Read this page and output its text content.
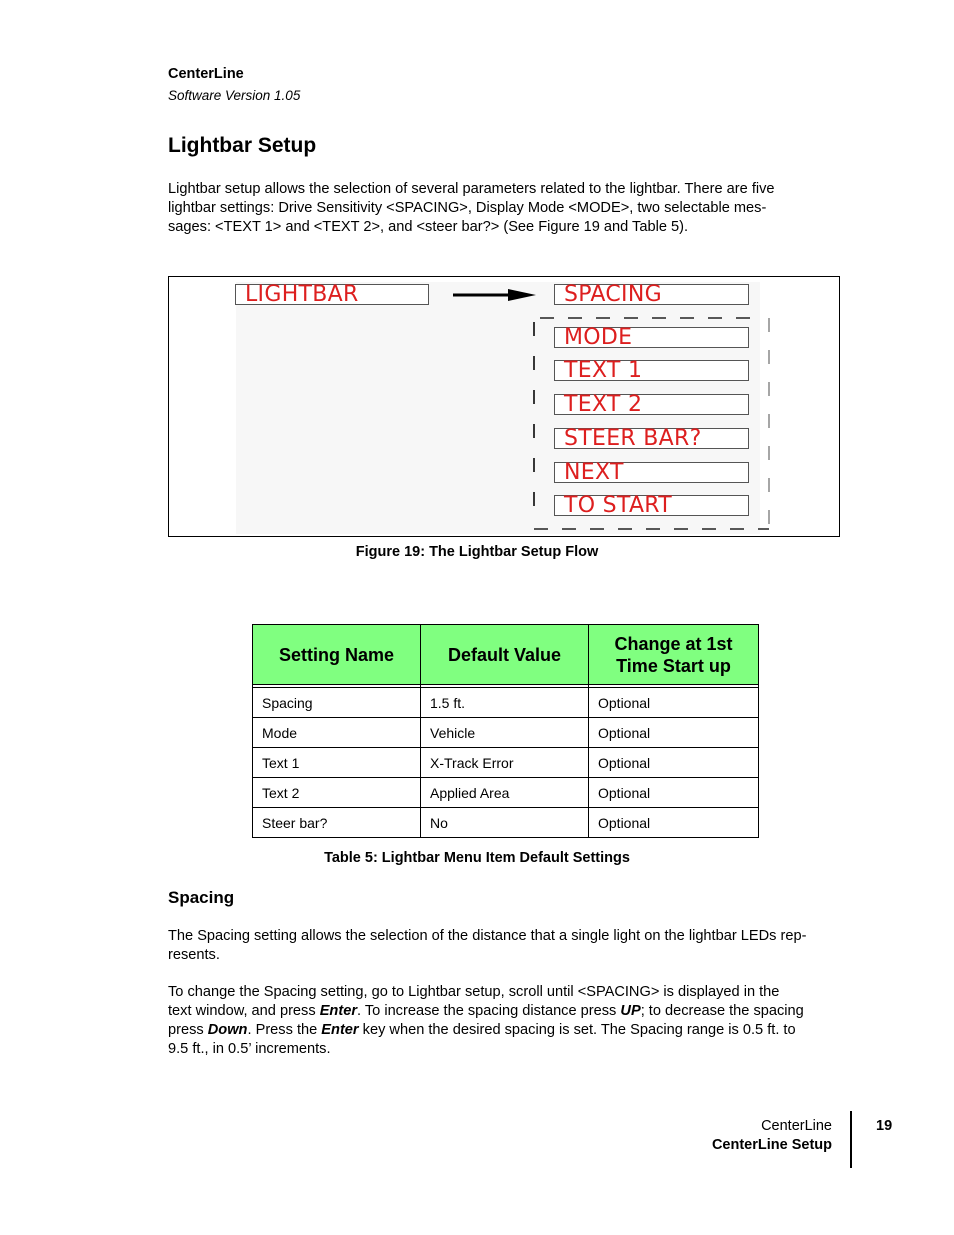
CenterLine
Software Version 1.05
Lightbar Setup

Lightbar setup allows the selection of several parameters related to the lightbar. There are five

lightbar settings: Drive Sensitivity <SPACING>, Display Mode <MODE>, two selectable mes-

sages: <TEXT 1> and <TEXT 2>, and <steer bar?> (See Figure 19 and Table 5).

LIGHTBAR	SPACING
MODE
TEXT 1
TEXT 2
STEER BAR?
NEXT
TO START
Figure 19: The Lightbar Setup Flow
Setting Name	Default Value	Change at 1st Time Start up

Spacing	1.5 ft.	Optional
Mode	Vehicle	Optional
Text 1	X-Track Error	Optional
Text 2	Applied Area	Optional
Steer bar?	No	Optional
Table 5: Lightbar Menu Item Default Settings
Spacing

The Spacing setting allows the selection of the distance that a single light on the lightbar LEDs rep-

resents.

To change the Spacing setting, go to Lightbar setup, scroll until <SPACING> is displayed in the

text window, and press Enter. To increase the spacing distance press UP; to decrease the spacing

press Down. Press the Enter key when the desired spacing is set. The Spacing range is 0.5 ft. to

9.5 ft., in 0.5’ increments.

CenterLine
CenterLine Setup
19
